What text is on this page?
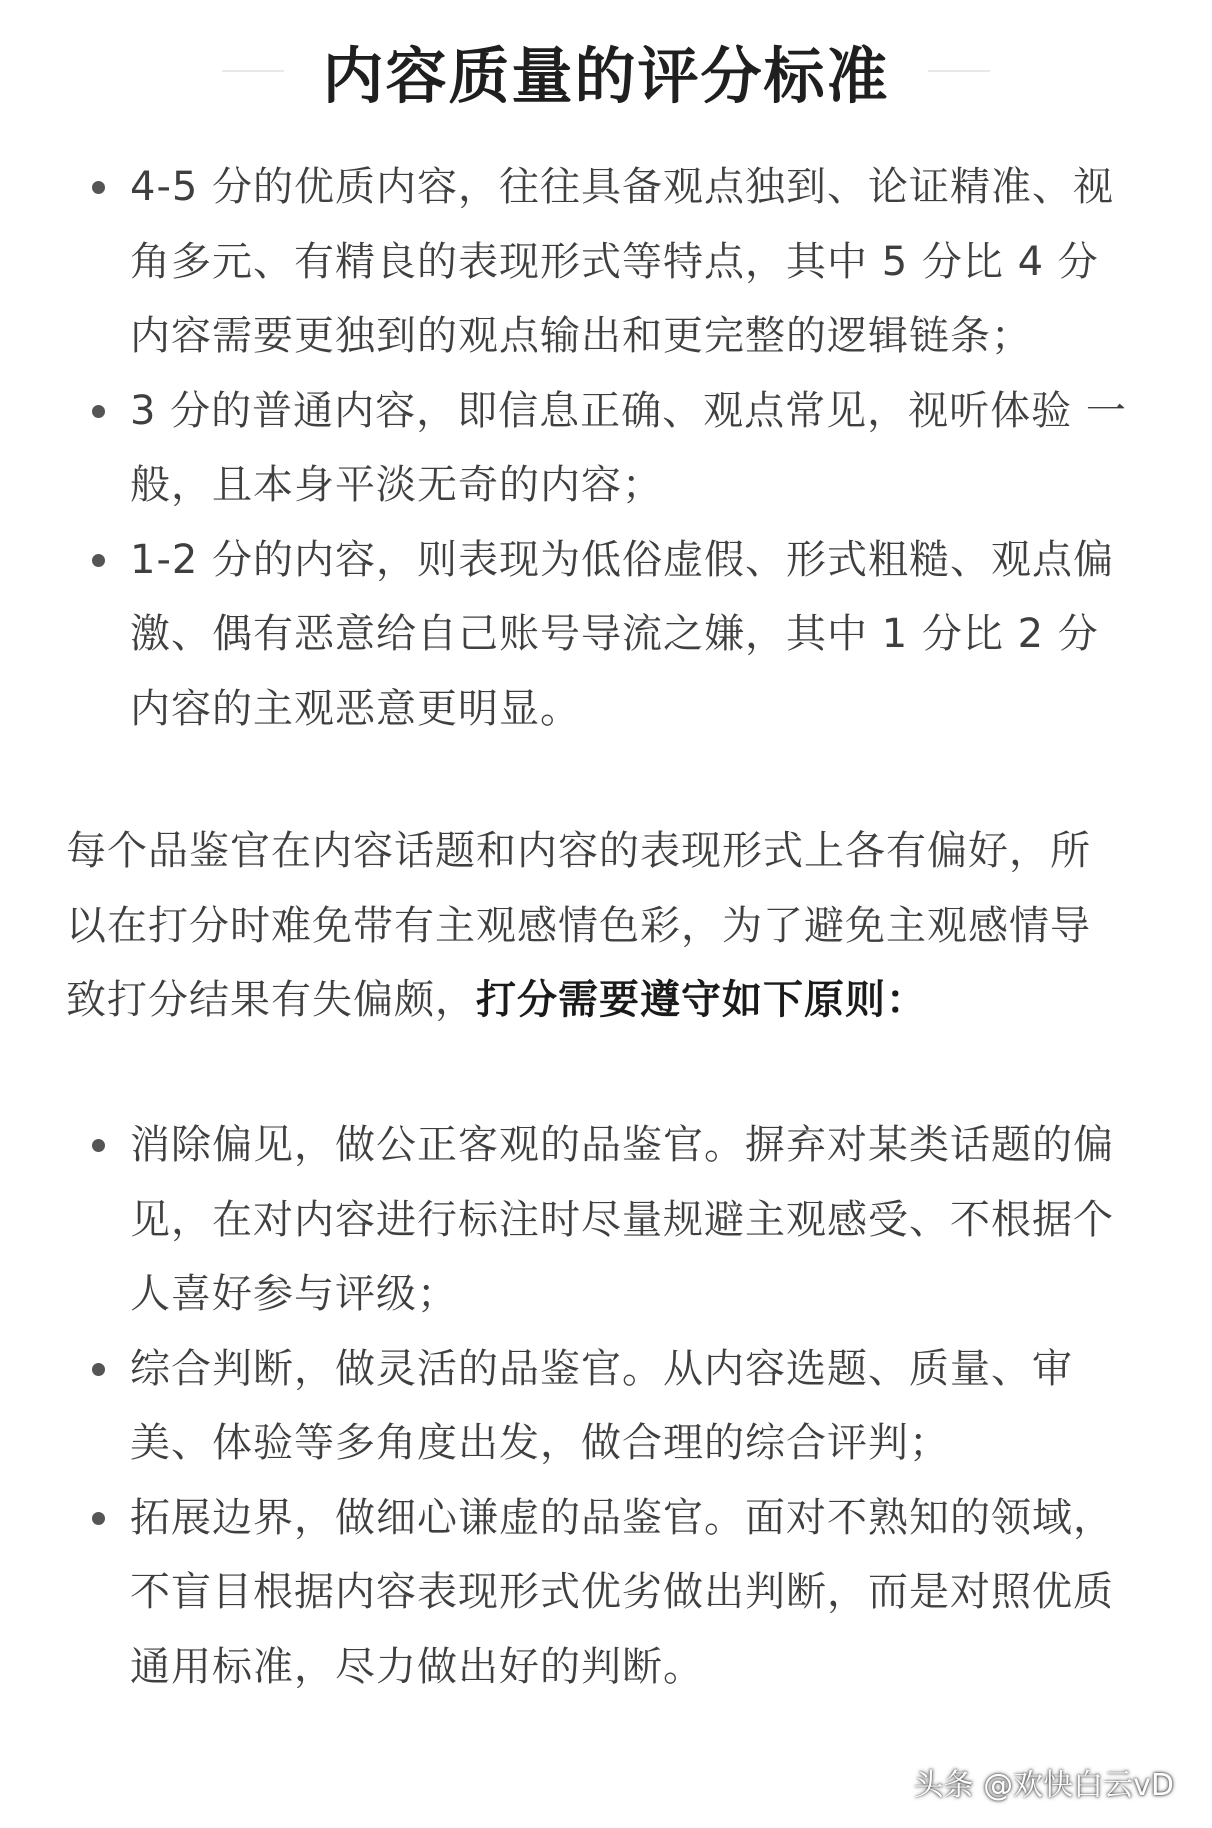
内容质量的评分标准
4-5 分的优质内容，往往具备观点独到、论证精准、视角多元、有精良的表现形式等特点，其中 5 分比 4 分内容需要更独到的观点输出和更完整的逻辑链条；
3 分的普通内容，即信息正确、观点常见，视听体验 一般，且本身平淡无奇的内容；
1-2 分的内容，则表现为低俗虚假、形式粗糙、观点偏激、偶有恶意给自己账号导流之嫌，其中 1 分比 2 分内容的主观恶意更明显。
每个品鉴官在内容话题和内容的表现形式上各有偏好，所以在打分时难免带有主观感情色彩，为了避免主观感情导致打分结果有失偏颇，打分需要遵守如下原则：
消除偏见，做公正客观的品鉴官。摒弃对某类话题的偏见，在对内容进行标注时尽量规避主观感受、不根据个人喜好参与评级；
综合判断，做灵活的品鉴官。从内容选题、质量、审美、体验等多角度出发，做合理的综合评判；
拓展边界，做细心谦虚的品鉴官。面对不熟知的领域，不盲目根据内容表现形式优劣做出判断，而是对照优质通用标准，尽力做出好的判断。
头条 @欢快白云vD
